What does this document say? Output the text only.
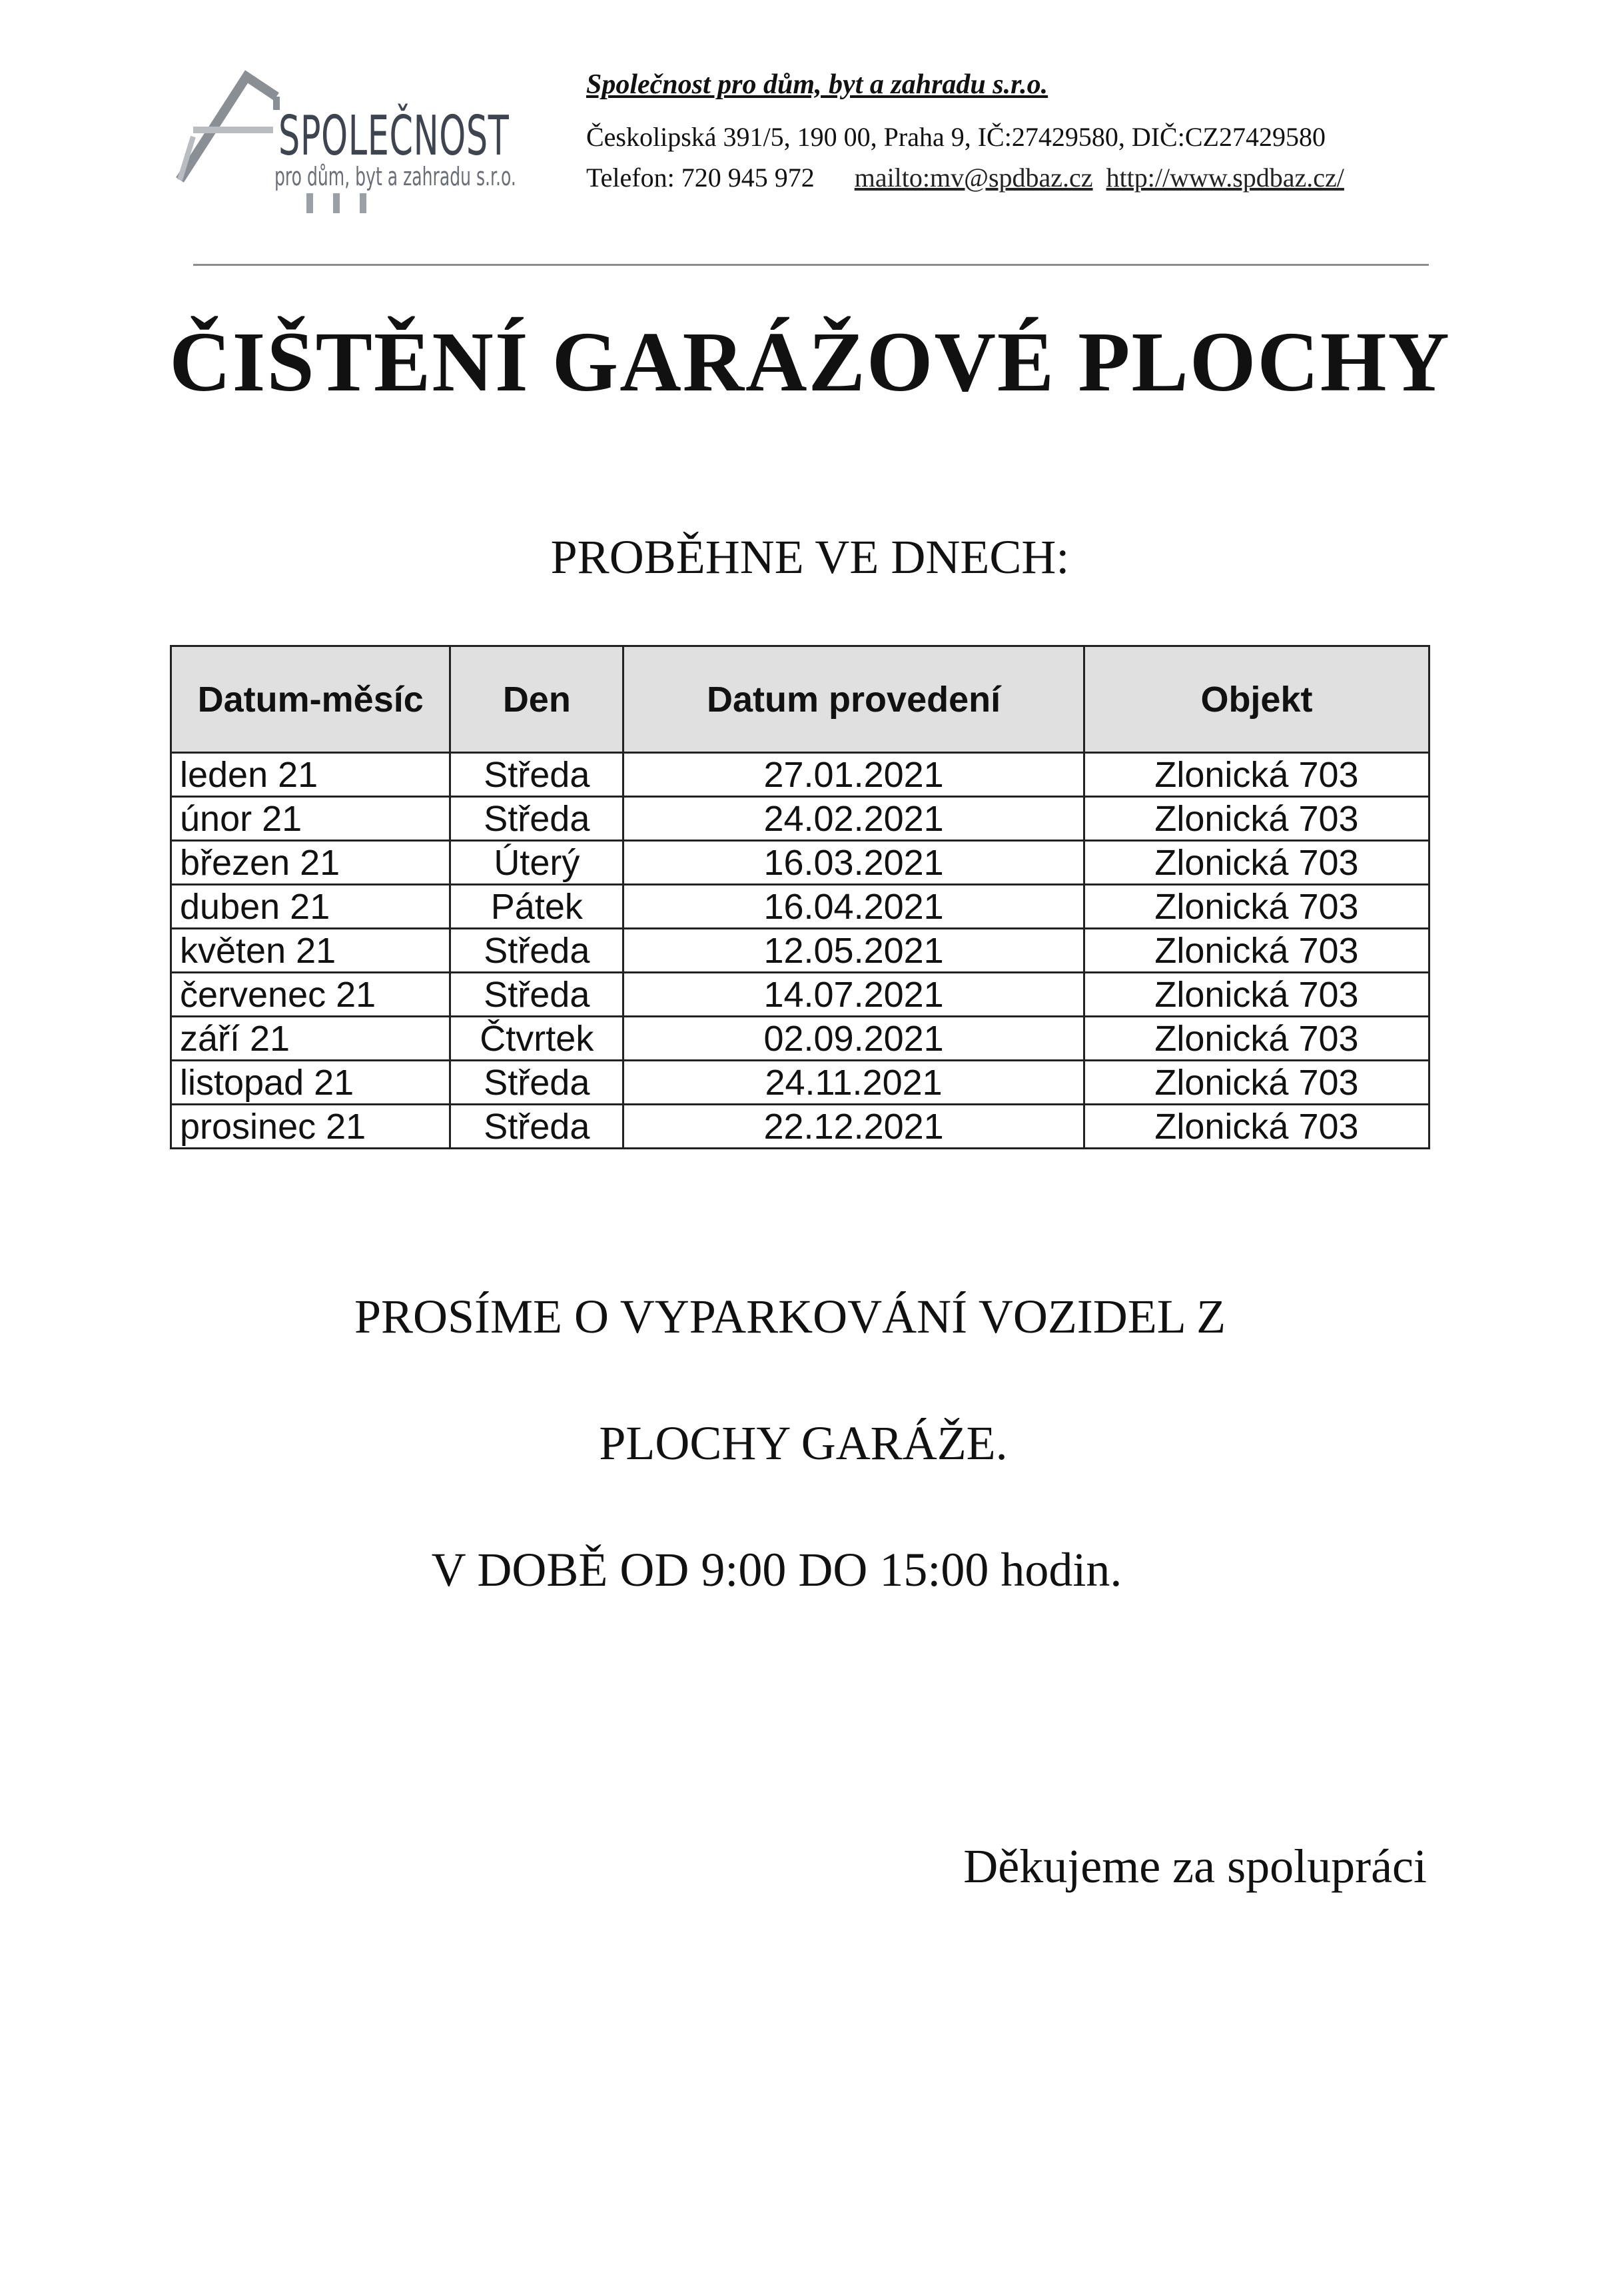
SPOLEČNOST
pro dům, byt a zahradu s.r.o.
Společnost pro dům, byt a zahradu s.r.o.
Českolipská 391/5, 190 00, Praha 9, IČ:27429580, DIČ:CZ27429580
Telefon: 720 945 972 mailto:mv@spdbaz.cz http://www.spdbaz.cz/
ČIŠTĚNÍ GARÁŽOVÉ PLOCHY
PROBĚHNE VE DNECH:
Datum-měsíc	Den	Datum provedení	Objekt
leden 21	Středa	27.01.2021	Zlonická 703
únor 21	Středa	24.02.2021	Zlonická 703
březen 21	Úterý	16.03.2021	Zlonická 703
duben 21	Pátek	16.04.2021	Zlonická 703
květen 21	Středa	12.05.2021	Zlonická 703
červenec 21	Středa	14.07.2021	Zlonická 703
září 21	Čtvrtek	02.09.2021	Zlonická 703
listopad 21	Středa	24.11.2021	Zlonická 703
prosinec 21	Středa	22.12.2021	Zlonická 703
PROSÍME O VYPARKOVÁNÍ VOZIDEL Z
PLOCHY GARÁŽE.
V DOBĚ OD 9:00 DO 15:00 hodin.
Děkujeme za spolupráci
